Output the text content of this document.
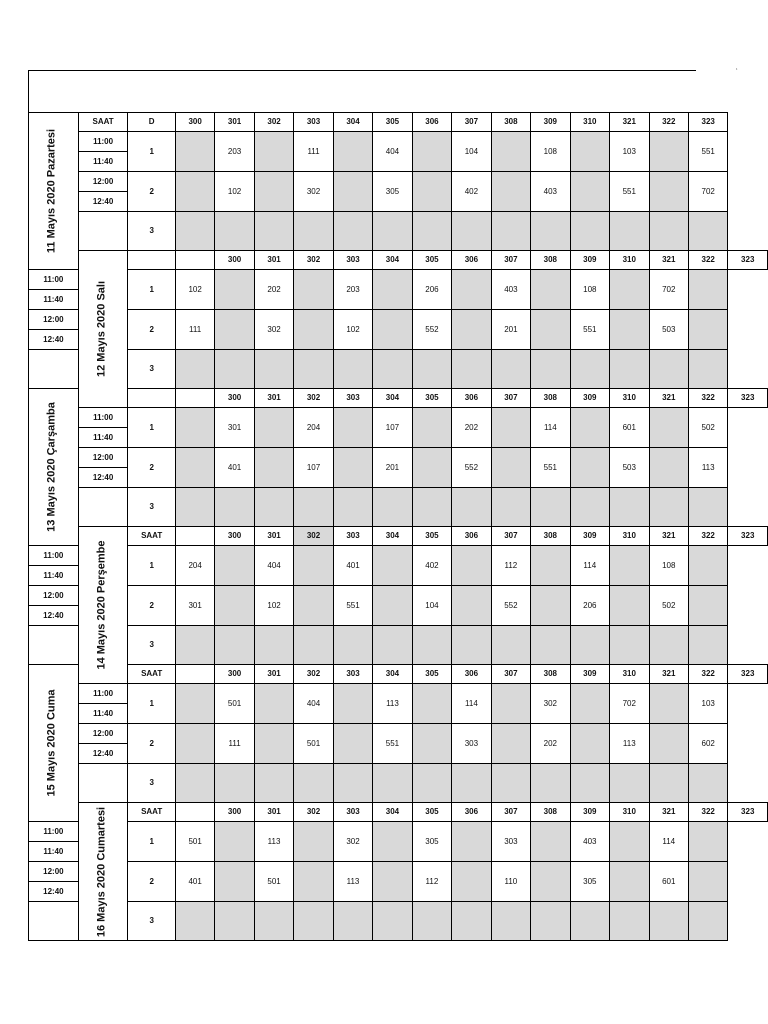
‘
11 Mayıs 2020 Pazartesi	SAAT	D	300	301	302	303	304	305	306	307	308	309	310	321	322	323	
	11:00	1		203		111		404		104		108		103		551	
	11:40																
	12:00	2		102		302		305		402		403		551		702	
	12:40																
		3															

	12 Mayıs 2020 Salı			300	301	302	303	304	305	306	307	308	309	310	321	322	323
11:00		1	102		202		203		206		403		108		702		
11:40																	
12:00		2	111		302		102		552		201		551		503		
12:40																	
		3															

13 Mayıs 2020 Çarşamba				300	301	302	303	304	305	306	307	308	309	310	321	322	323
	11:00	1		301		204		107		202		114		601		502	
	11:40																
	12:00	2		401		107		201		552		551		503		113	
	12:40																
		3															

	14 Mayıs 2020 Perşembe	SAAT		300	301	302	303	304	305	306	307	308	309	310	321	322	323
11:00		1	204		404		401		402		112		114		108		
11:40																	
12:00		2	301		102		551		104		552		206		502		
12:40																	
		3															

15 Mayıs 2020 Cuma		SAAT		300	301	302	303	304	305	306	307	308	309	310	321	322	323
	11:00	1		501		404		113		114		302		702		103	
	11:40																
	12:00	2		111		501		551		303		202		113		602	
	12:40																
		3															

	16 Mayıs 2020 Cumartesi	SAAT		300	301	302	303	304	305	306	307	308	309	310	321	322	323
11:00		1	501		113		302		305		303		403		114		
11:40																	
12:00		2	401		501		113		112		110		305		601		
12:40																	
		3															
